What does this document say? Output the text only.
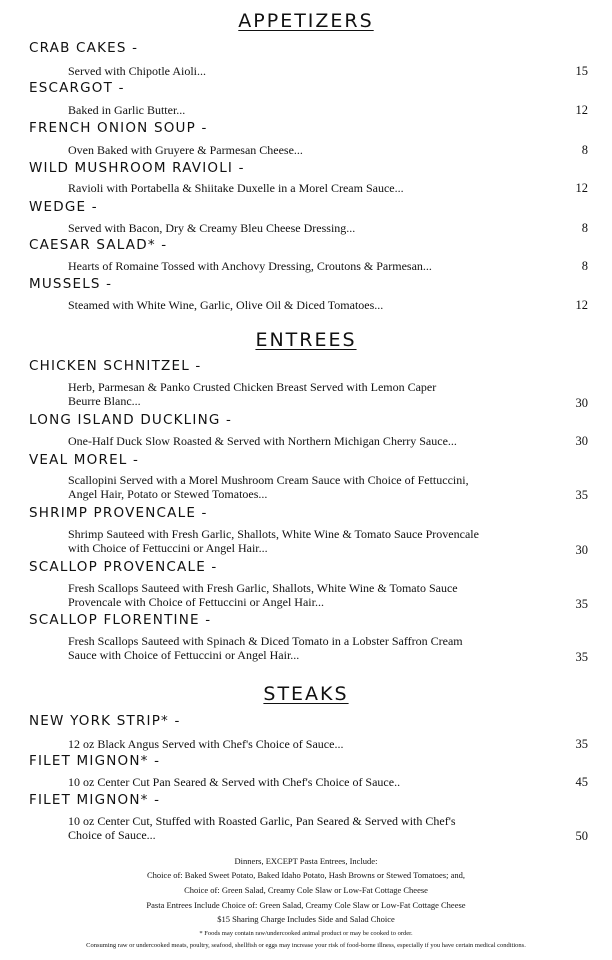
APPETIZERS
CRAB CAKES -
Served with Chipotle Aioli...	15
ESCARGOT -
Baked in Garlic Butter...	12
FRENCH ONION SOUP -
Oven Baked with Gruyere & Parmesan Cheese...	8
WILD MUSHROOM RAVIOLI -
Ravioli with Portabella & Shiitake Duxelle in a Morel Cream Sauce...	12
WEDGE -
Served with Bacon, Dry & Creamy Bleu Cheese Dressing...	8
CAESAR SALAD* -
Hearts of Romaine Tossed with Anchovy Dressing, Croutons & Parmesan...	8
MUSSELS -
Steamed with White Wine, Garlic, Olive Oil & Diced Tomatoes...	12
ENTREES
CHICKEN SCHNITZEL -
Herb, Parmesan & Panko Crusted Chicken Breast Served with Lemon Caper
Beurre Blanc...	30
LONG ISLAND DUCKLING -
One-Half Duck Slow Roasted & Served with Northern Michigan Cherry Sauce...	30
VEAL MOREL -
Scallopini Served with a Morel Mushroom Cream Sauce with Choice of Fettuccini,
Angel Hair, Potato or Stewed Tomatoes...	35
SHRIMP PROVENCALE -
Shrimp Sauteed with Fresh Garlic, Shallots, White Wine & Tomato Sauce Provencale
with Choice of Fettuccini or Angel Hair...	30
SCALLOP PROVENCALE -
Fresh Scallops Sauteed with Fresh Garlic, Shallots, White Wine & Tomato Sauce
Provencale with Choice of Fettuccini or Angel Hair...	35
SCALLOP FLORENTINE -
Fresh Scallops Sauteed with Spinach & Diced Tomato in a Lobster Saffron Cream
Sauce with Choice of Fettuccini or Angel Hair...	35
STEAKS
NEW YORK STRIP* -
12 oz Black Angus Served with Chef's Choice of Sauce...	35
FILET MIGNON* -
10 oz Center Cut Pan Seared & Served with Chef's Choice of Sauce..	45
FILET MIGNON* -
10 oz Center Cut, Stuffed with Roasted Garlic, Pan Seared & Served with Chef's
Choice of Sauce...	50
Dinners, EXCEPT Pasta Entrees, Include:
Choice of: Baked Sweet Potato, Baked Idaho Potato, Hash Browns or Stewed Tomatoes; and,
Choice of: Green Salad, Creamy Cole Slaw or Low-Fat Cottage Cheese
Pasta Entrees Include Choice of: Green Salad, Creamy Cole Slaw or Low-Fat Cottage Cheese
$15 Sharing Charge Includes Side and Salad Choice
* Foods may contain raw/undercooked animal product or may be cooked to order.
Consuming raw or undercooked meats, poultry, seafood, shellfish or eggs may increase your risk of food-borne illness, especially if you have certain medical conditions.
